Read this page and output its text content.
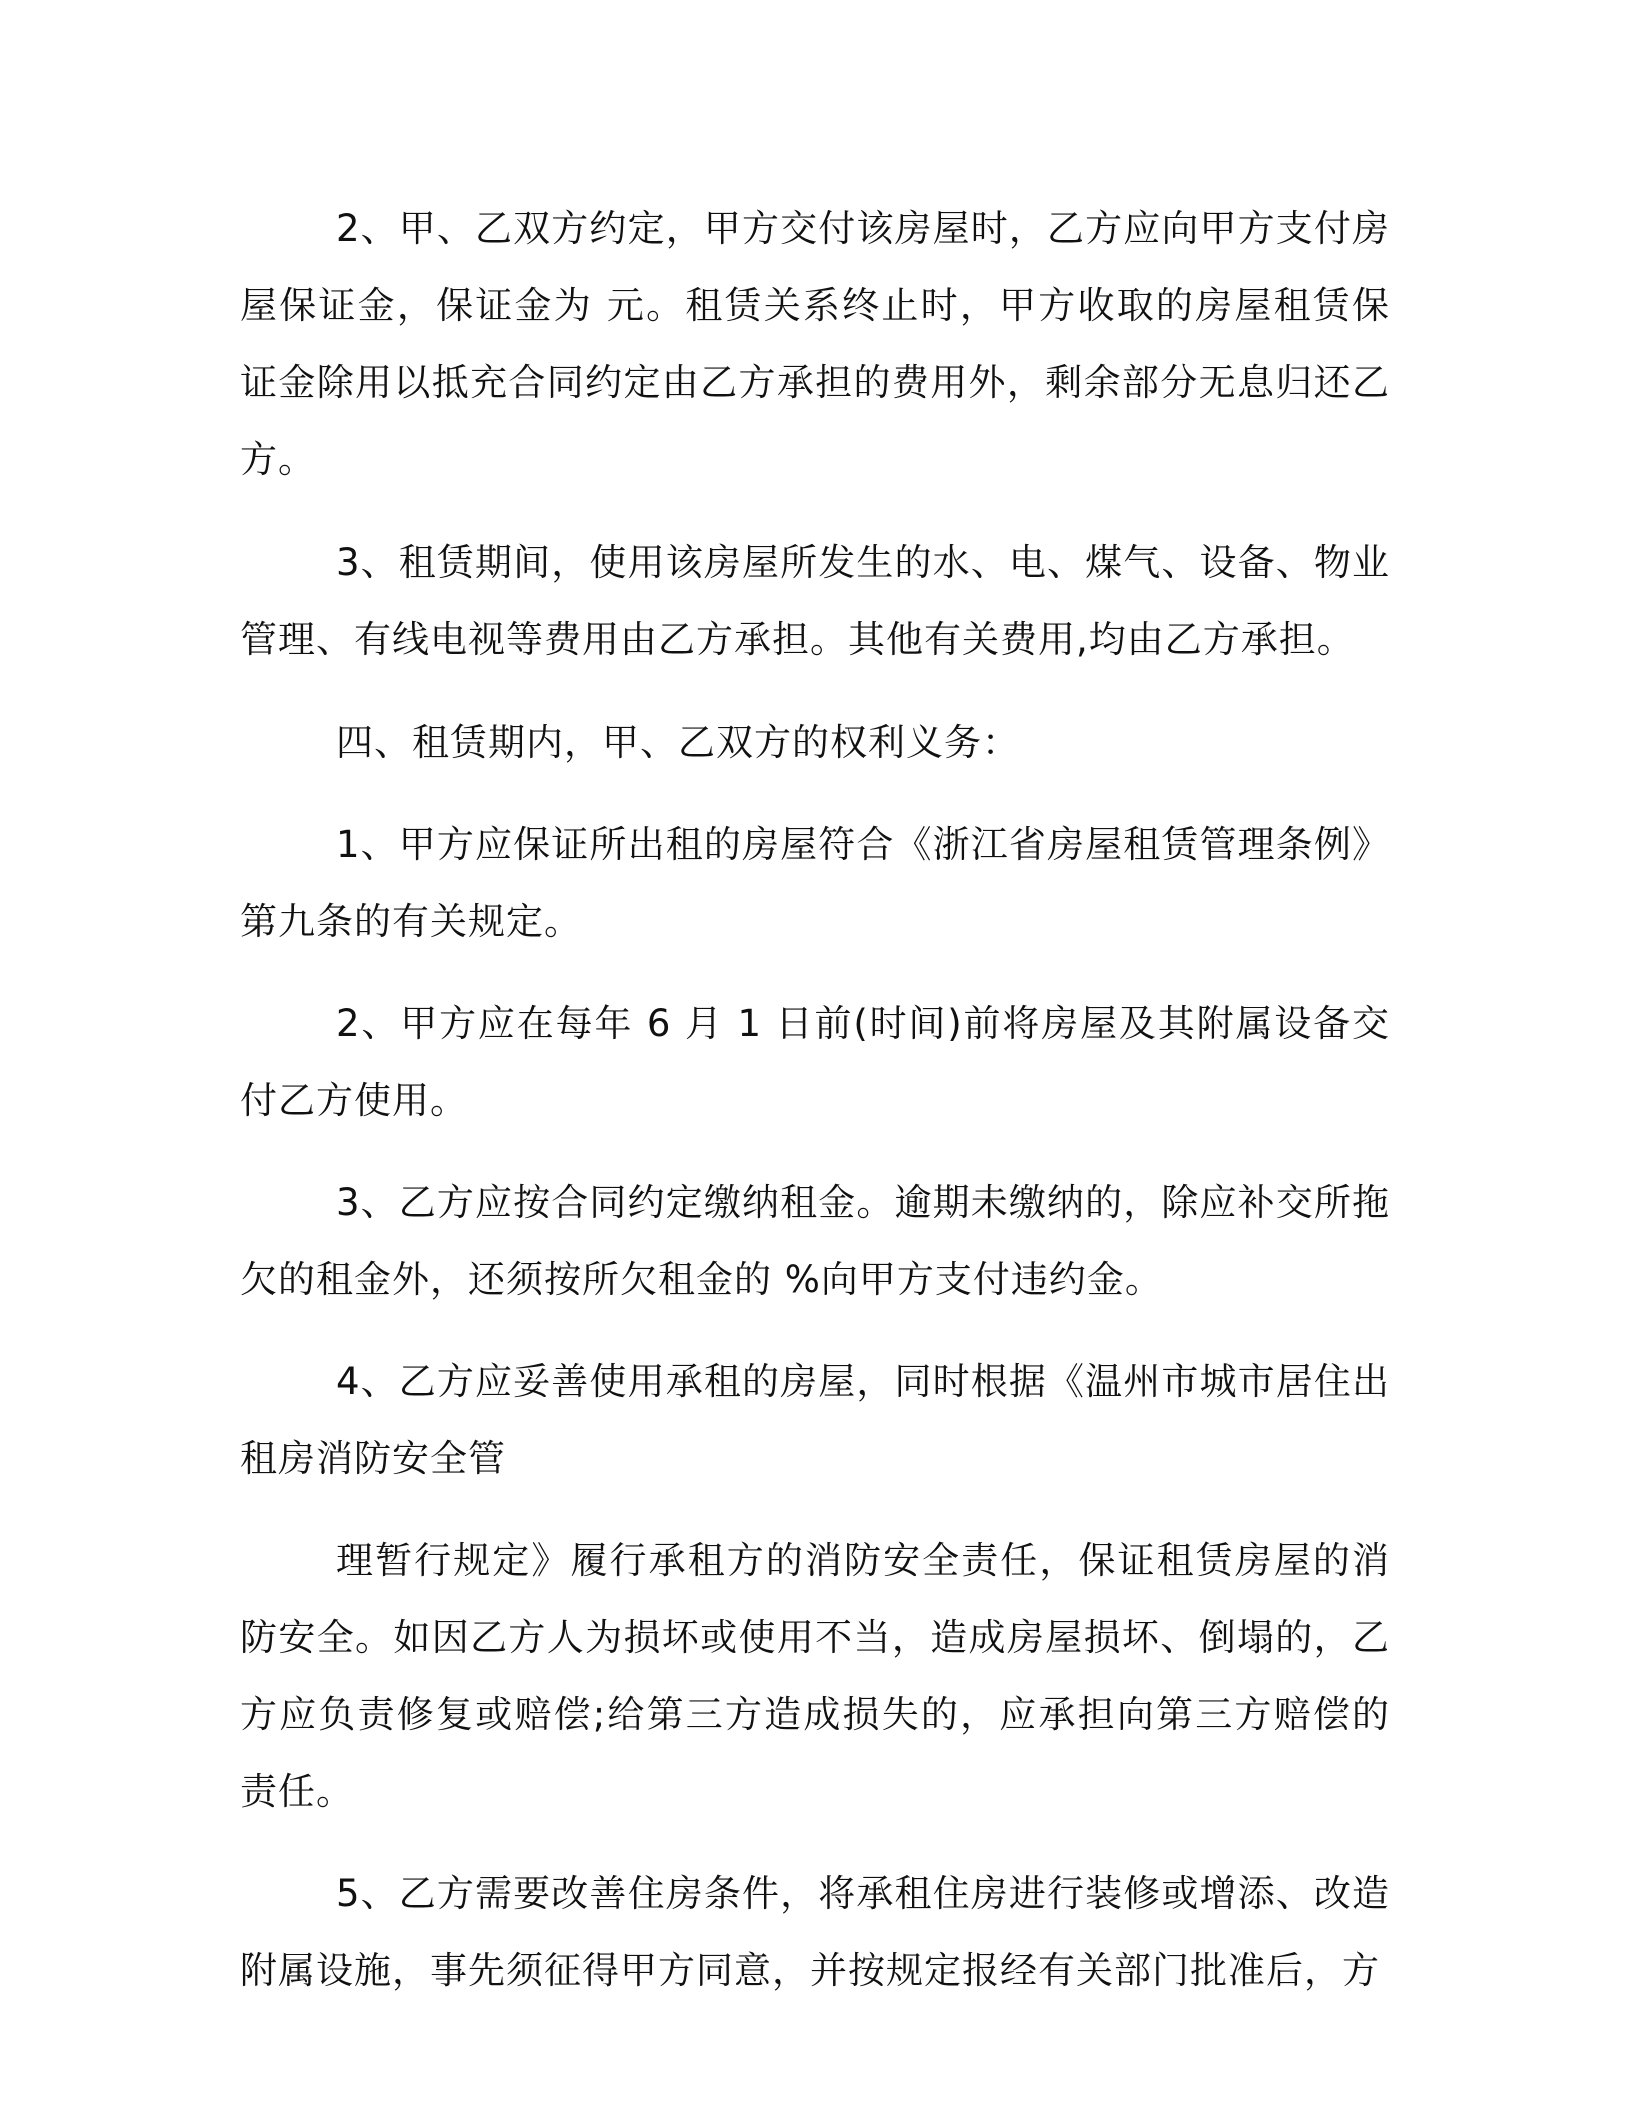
2、甲、乙双方约定，甲方交付该房屋时，乙方应向甲方支付房屋保证金，保证金为 元。租赁关系终止时，甲方收取的房屋租赁保证金除用以抵充合同约定由乙方承担的费用外，剩余部分无息归还乙方。

3、租赁期间，使用该房屋所发生的水、电、煤气、设备、物业管理、有线电视等费用由乙方承担。其他有关费用,均由乙方承担。

四、租赁期内，甲、乙双方的权利义务：

1、甲方应保证所出租的房屋符合《浙江省房屋租赁管理条例》第九条的有关规定。

2、甲方应在每年 6 月 1 日前(时间)前将房屋及其附属设备交付乙方使用。

3、乙方应按合同约定缴纳租金。逾期未缴纳的，除应补交所拖欠的租金外，还须按所欠租金的 %向甲方支付违约金。

4、乙方应妥善使用承租的房屋，同时根据《温州市城市居住出租房消防安全管

理暂行规定》履行承租方的消防安全责任，保证租赁房屋的消防安全。如因乙方人为损坏或使用不当，造成房屋损坏、倒塌的，乙方应负责修复或赔偿;给第三方造成损失的，应承担向第三方赔偿的责任。

5、乙方需要改善住房条件，将承租住房进行装修或增添、改造附属设施，事先须征得甲方同意，并按规定报经有关部门批准后，方
